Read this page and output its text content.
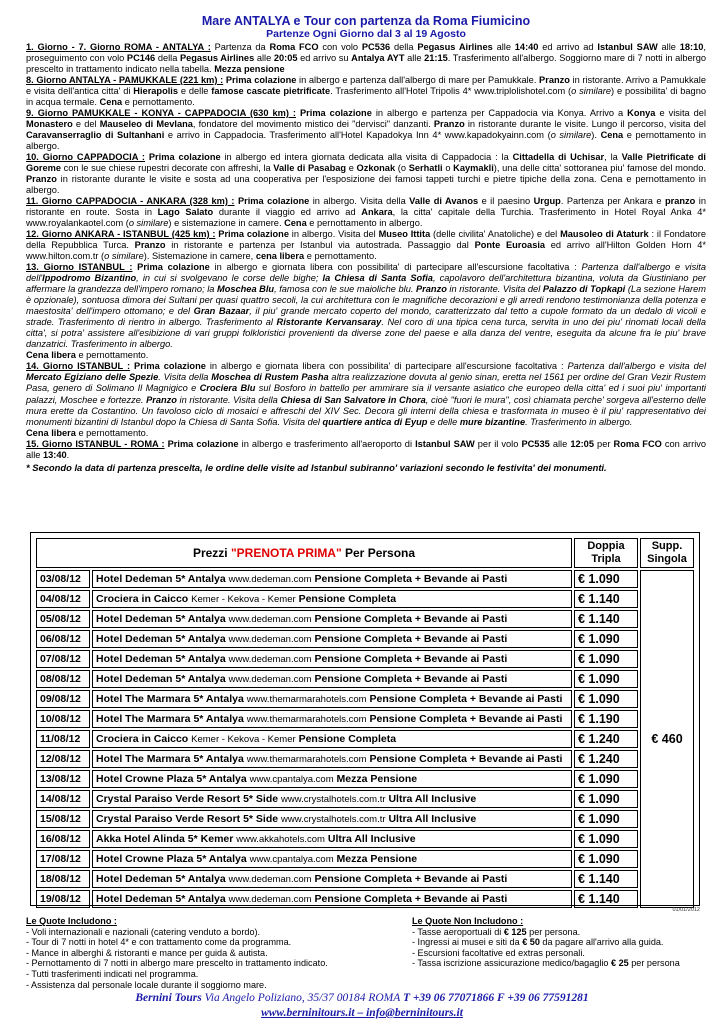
Mare ANTALYA e Tour con partenza da Roma Fiumicino
Partenze Ogni Giorno dal 3 al 19 Agosto

1. Giorno - 7. Giorno ROMA - ANTALYA : Partenza da Roma FCO con volo PC536 della Pegasus Airlines alle 14:40 ed arrivo ad Istanbul SAW alle 18:10, proseguimento con volo PC146 della Pegasus Airlines alle 20:05 ed arrivo su Antalya AYT alle 21:15. Trasferimento all'albergo. Soggiorno mare di 7 notti in albergo prescelto in trattamento indicato nella tabella. Mezza pensione

8. Giorno ANTALYA - PAMUKKALE (221 km) : Prima colazione in albergo e partenza dall'albergo di mare per Pamukkale. Pranzo in ristorante. Arrivo a Pamukkale e visita dell'antica citta' di Hierapolis e delle famose cascate pietrificate. Trasferimento all'Hotel Tripolis 4* www.triplolishotel.com (o similare) e possibilita' di bagno in acqua termale. Cena e pernottamento.

9. Giorno PAMUKKALE - KONYA - CAPPADOCIA (630 km) : Prima colazione in albergo e partenza per Cappadocia via Konya. Arrivo a Konya e visita del Monastero e del Mauseleo di Mevlana, fondatore del movimento mistico dei "dervisci" danzanti. Pranzo in ristorante durante le visite. Lungo il percorso, visita del Caravanserraglio di Sultanhani e arrivo in Cappadocia. Trasferimento all'Hotel Kapadokya Inn 4* www.kapadokyainn.com (o similare). Cena e pernottamento in albergo.

10. Giorno CAPPADOCIA : Prima colazione in albergo ed intera giornata dedicata alla visita di Cappadocia : la Cittadella di Uchisar, la Valle Pietrificate di Goreme con le sue chiese rupestri decorate con affreshi, la Valle di Pasabag e Ozkonak (o Serhatli o Kaymakli), una delle citta' sottoranea piu' famose del mondo. Pranzo in ristorante durante le visite e sosta ad una cooperativa per l'esposizione dei famosi tappeti turchi e pietre tipiche della zona. Cena e pernottamento in albergo.

11. Giorno CAPPADOCIA - ANKARA (328 km) : Prima colazione in albergo. Visita della Valle di Avanos e il paesino Urgup. Partenza per Ankara e pranzo in ristorante en route. Sosta in Lago Salato durante il viaggio ed arrivo ad Ankara, la citta' capitale della Turchia. Trasferimento in Hotel Royal Anka 4* www.royalankaotel.com (o similare) e sistemazione in camere. Cena e pernottamento in albergo.

12. Giorno ANKARA - ISTANBUL (425 km) : Prima colazione in albergo. Visita del Museo Ittita (delle civilita' Anatoliche) e del Mausoleo di Ataturk : il Fondatore della Repubblica Turca. Pranzo in ristorante e partenza per Istanbul via autostrada. Passaggio dal Ponte Euroasia ed arrivo all'Hilton Golden Horn 4* www.hilton.com.tr (o similare). Sistemazione in camere, cena libera e pernottamento.

13. Giorno ISTANBUL : Prima colazione in albergo e giornata libera con possibilita' di partecipare all'escursione facoltativa : Partenza dall'albergo e visita dell'Ippodromo Bizantino, in cui si svolgevano le corse delle bighe; la Chiesa di Santa Sofia, capolavoro dell'architettura bizantina, voluta da Giustiniano per affermare la grandezza dell'impero romano; la Moschea Blu, famosa con le sue maioliche blu. Pranzo in ristorante. Visita del Palazzo di Topkapi (La sezione Harem è opzionale), sontuosa dimora dei Sultani per quasi quattro secoli, la cui architettura con le magnifiche decorazioni e gli arredi rendono testimonianza della potenza e maestosita' dell'impero ottomano; e del Gran Bazaar, il piu' grande mercato coperto del mondo, caratterizzato dal tetto a cupole formato da un dedalo di vicoli e strade. Trasferimento di rientro in albergo. Trasferimento al Ristorante Kervansaray. Nel coro di una tipica cena turca, servita in uno dei piu' rinomati locali della citta', si potra' assistere all'esibizione di vari gruppi folkloristici provenienti da diverse zone del paese e alla danza del ventre, eseguita da alcune fra le piu' brave danzatrici. Trasferimento in albergo.
Cena libera e pernottamento.

14. Giorno ISTANBUL : Prima colazione in albergo e giornata libera con possibilita' di partecipare all'escursione facoltativa : Partenza dall'albergo e visita del Mercato Egiziano delle Spezie. Visita della Moschea di Rustem Pasha altra realizzazione dovuta al genio sinan, eretta nel 1561 per ordine del Gran Vezir Rustem Pasa, genero di Solimano Il Magnigico e Crociera Blu sul Bosforo in battello per ammirare sia il versante asiatico che europeo della citta' ed i suoi piu' importanti palazzi, Moschee e fortezze. Pranzo in ristorante. Visita della Chiesa di San Salvatore in Chora, cioè "fuori le mura", così chiamata perche' sorgeva all'esterno delle mura erette da Costantino. Un favoloso ciclo di mosaici e affreschi del XIV Sec. Decora gli interni della chiesa e trasformata in museo è il piu' rappresentativo dei monumenti bizantini di Istanbul dopo la Chiesa di Santa Sofia. Visita del quartiere antica di Eyup e delle mure bizantine. Trasferimento in albergo.
Cena libera e pernottamento.

15. Giorno ISTANBUL - ROMA : Prima colazione in albergo e trasferimento all'aeroporto di Istanbul SAW per il volo PC535 alle 12:05 per Roma FCO con arrivo alle 13:40.

* Secondo la data di partenza prescelta, le ordine delle visite ad Istanbul subiranno' variazioni secondo le festivita' dei monumenti.
Prezzi "PRENOTA PRIMA" Per Persona		Doppia
Tripla	Supp.
Singola
03/08/12	Hotel Dedeman 5* Antalya www.dedeman.com Pensione Completa + Bevande ai Pasti	€ 1.090	€ 460
04/08/12	Crociera in Caicco Kemer - Kekova - Kemer Pensione Completa	€ 1.140	
05/08/12	Hotel Dedeman 5* Antalya www.dedeman.com Pensione Completa + Bevande ai Pasti	€ 1.140	
06/08/12	Hotel Dedeman 5* Antalya www.dedeman.com Pensione Completa + Bevande ai Pasti	€ 1.090	
07/08/12	Hotel Dedeman 5* Antalya www.dedeman.com Pensione Completa + Bevande ai Pasti	€ 1.090	
08/08/12	Hotel Dedeman 5* Antalya www.dedeman.com Pensione Completa + Bevande ai Pasti	€ 1.090	
09/08/12	Hotel The Marmara 5* Antalya www.themarmarahotels.com Pensione Completa + Bevande ai Pasti	€ 1.090	
10/08/12	Hotel The Marmara 5* Antalya www.themarmarahotels.com Pensione Completa + Bevande ai Pasti	€ 1.190	
11/08/12	Crociera in Caicco Kemer - Kekova - Kemer Pensione Completa	€ 1.240	
12/08/12	Hotel The Marmara 5* Antalya www.themarmarahotels.com Pensione Completa + Bevande ai Pasti	€ 1.240	
13/08/12	Hotel Crowne Plaza 5* Antalya www.cpantalya.com Mezza Pensione	€ 1.090	
14/08/12	Crystal Paraiso Verde Resort 5* Side www.crystalhotels.com.tr Ultra All Inclusive	€ 1.090	
15/08/12	Crystal Paraiso Verde Resort 5* Side www.crystalhotels.com.tr Ultra All Inclusive	€ 1.090	
16/08/12	Akka Hotel Alinda 5* Kemer www.akkahotels.com Ultra All Inclusive	€ 1.090	
17/08/12	Hotel Crowne Plaza 5* Antalya www.cpantalya.com Mezza Pensione	€ 1.090	
18/08/12	Hotel Dedeman 5* Antalya www.dedeman.com Pensione Completa + Bevande ai Pasti	€ 1.140	
19/08/12	Hotel Dedeman 5* Antalya www.dedeman.com Pensione Completa + Bevande ai Pasti	€ 1.140	
01/01/2012
Le Quote Includono :
- Voli internazionali e nazionali (catering venduto a bordo).
- Tour di 7 notti in hotel 4* e con trattamento come da programma.
- Mance in alberghi & ristoranti e mance per guida & autista.
- Pernottamento di 7 notti in albergo mare prescelto in trattamento indicato.
- Tutti trasferimenti indicati nel programma.
- Assistenza dal personale locale durante il soggiorno mare.
Le Quote Non Includono :
- Tasse aeroportuali di € 125 per persona.
- Ingressi ai musei e siti da € 50 da pagare all'arrivo alla guida.
- Escursioni facoltative ed extras personali.
- Tassa iscrizione assicurazione medico/bagaglio € 25 per persona
Bernini Tours Via Angelo Poliziano, 35/37 00184 ROMA T +39 06 77071866 F +39 06 77591281
www.berninitours.it – info@berninitours.it
